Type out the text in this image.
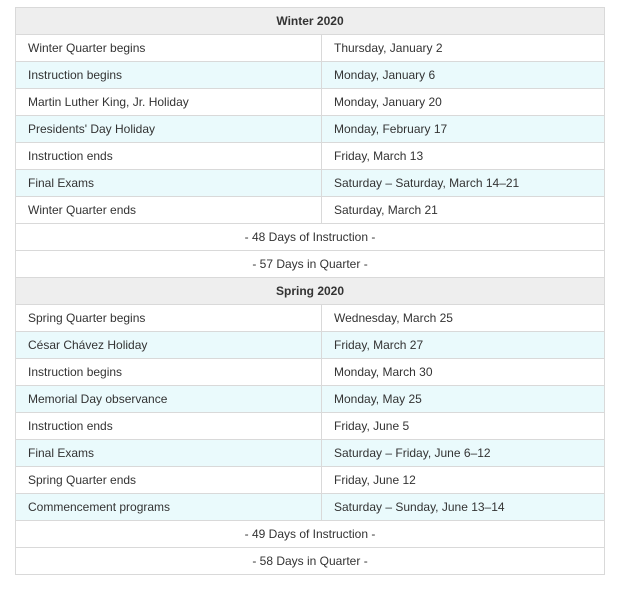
Winter 2020	
Winter Quarter begins	Thursday, January 2
Instruction begins	Monday, January 6
Martin Luther King, Jr. Holiday	Monday, January 20
Presidents' Day Holiday	Monday, February 17
Instruction ends	Friday, March 13
Final Exams	Saturday – Saturday, March 14–21
Winter Quarter ends	Saturday, March 21
- 48 Days of Instruction -	
- 57 Days in Quarter -	
Spring 2020	
Spring Quarter begins	Wednesday, March 25
César Chávez Holiday	Friday, March 27
Instruction begins	Monday, March 30
Memorial Day observance	Monday, May 25
Instruction ends	Friday, June 5
Final Exams	Saturday – Friday, June 6–12
Spring Quarter ends	Friday, June 12
Commencement programs	Saturday – Sunday, June 13–14
- 49 Days of Instruction -	
- 58 Days in Quarter -	
